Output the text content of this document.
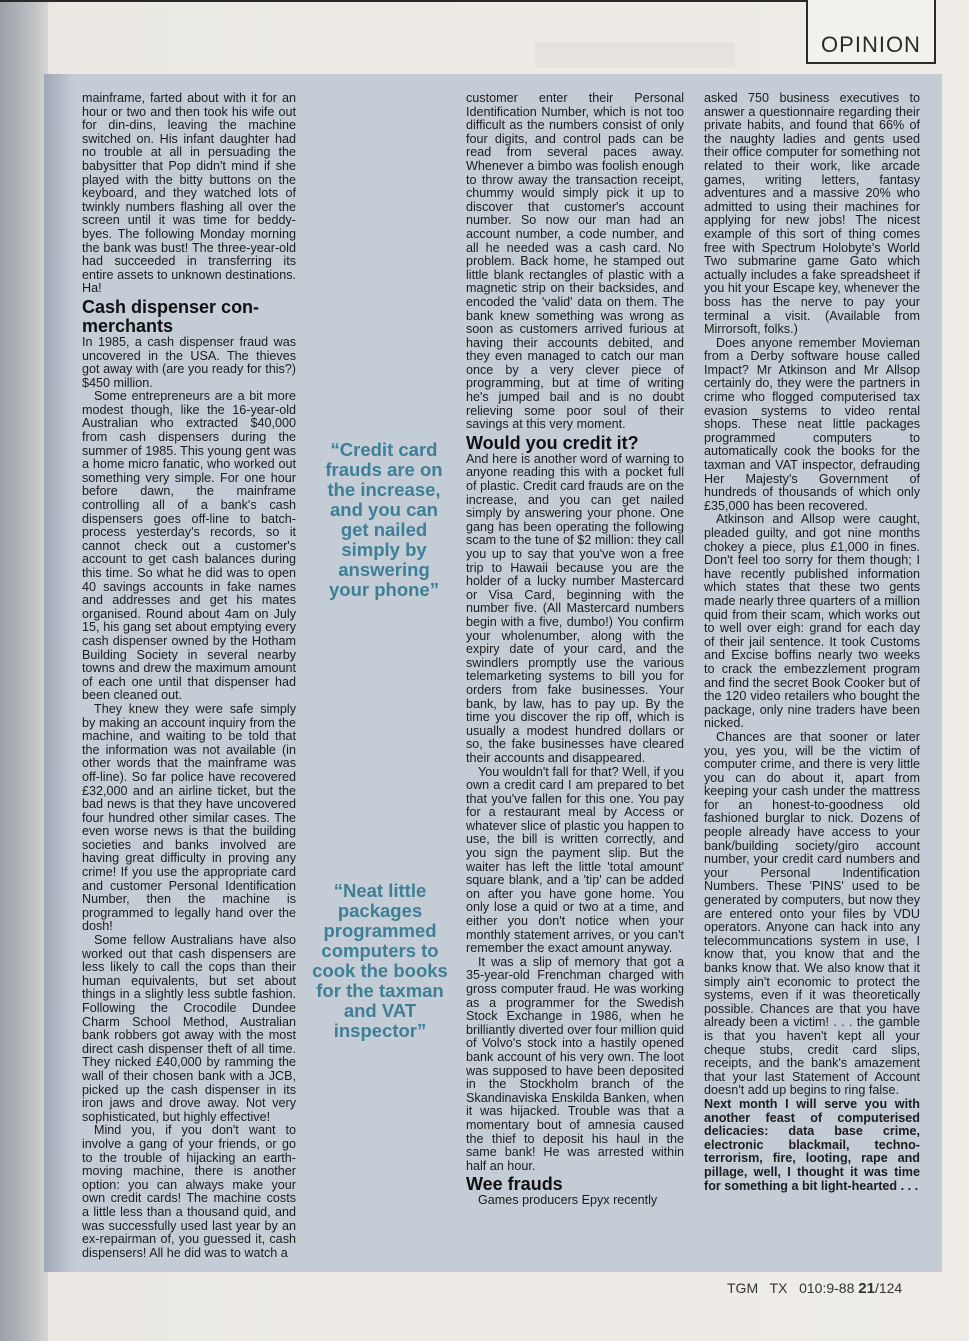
OPINION

mainframe, farted about with it for an hour or two and then took his wife out for din-dins, leaving the machine switched on. His infant daughter had no trouble at all in persuading the babysitter that Pop didn't mind if she played with the bitty buttons on the keyboard, and they watched lots of twinkly numbers flashing all over the screen until it was time for beddy-byes. The following Monday morning the bank was bust! The three-year-old had succeeded in transferring its entire assets to unknown destinations. Ha!

Cash dispenser con-merchants

In 1985, a cash dispenser fraud was uncovered in the USA. The thieves got away with (are you ready for this?) $450 million.

Some entrepreneurs are a bit more modest though, like the 16-year-old Australian who extracted $40,000 from cash dispensers during the summer of 1985. This young gent was a home micro fanatic, who worked out something very simple. For one hour before dawn, the mainframe controlling all of a bank's cash dispensers goes off-line to batch-process yesterday's records, so it cannot check out a customer's account to get cash balances during this time. So what he did was to open 40 savings accounts in fake names and addresses and get his mates organised. Round about 4am on July 15, his gang set about emptying every cash dispenser owned by the Hotham Building Society in several nearby towns and drew the maximum amount of each one until that dispenser had been cleaned out.

They knew they were safe simply by making an account inquiry from the machine, and waiting to be told that the information was not available (in other words that the mainframe was off-line). So far police have recovered £32,000 and an airline ticket, but the bad news is that they have uncovered four hundred other similar cases. The even worse news is that the building societies and banks involved are having great difficulty in proving any crime! If you use the appropriate card and customer Personal Identification Number, then the machine is programmed to legally hand over the dosh!

Some fellow Australians have also worked out that cash dispensers are less likely to call the cops than their human equivalents, but set about things in a slightly less subtle fashion. Following the Crocodile Dundee Charm School Method, Australian bank robbers got away with the most direct cash dispenser theft of all time. They nicked £40,000 by ramming the wall of their chosen bank with a JCB, picked up the cash dispenser in its iron jaws and drove away. Not very sophisticated, but highly effective!

Mind you, if you don't want to involve a gang of your friends, or go to the trouble of hijacking an earth-moving machine, there is another option: you can always make your own credit cards! The machine costs a little less than a thousand quid, and was successfully used last year by an ex-repairman of, you guessed it, cash dispensers! All he did was to watch a

“Credit card frauds are on the increase, and you can get nailed simply by answering your phone”
“Neat little packages programmed computers to cook the books for the taxman and VAT inspector”

customer enter their Personal Identification Number, which is not too difficult as the numbers consist of only four digits, and control pads can be read from several paces away. Whenever a bimbo was foolish enough to throw away the transaction receipt, chummy would simply pick it up to discover that customer's account number. So now our man had an account number, a code number, and all he needed was a cash card. No problem. Back home, he stamped out little blank rectangles of plastic with a magnetic strip on their backsides, and encoded the 'valid' data on them. The bank knew something was wrong as soon as customers arrived furious at having their accounts debited, and they even managed to catch our man once by a very clever piece of programming, but at time of writing he's jumped bail and is no doubt relieving some poor soul of their savings at this very moment.

Would you credit it?

And here is another word of warning to anyone reading this with a pocket full of plastic. Credit card frauds are on the increase, and you can get nailed simply by answering your phone. One gang has been operating the following scam to the tune of $2 million: they call you up to say that you've won a free trip to Hawaii because you are the holder of a lucky number Mastercard or Visa Card, beginning with the number five. (All Mastercard numbers begin with a five, dumbo!) You confirm your wholenumber, along with the expiry date of your card, and the swindlers promptly use the various telemarketing systems to bill you for orders from fake businesses. Your bank, by law, has to pay up. By the time you discover the rip off, which is usually a modest hundred dollars or so, the fake businesses have cleared their accounts and disappeared.

You wouldn't fall for that? Well, if you own a credit card I am prepared to bet that you've fallen for this one. You pay for a restaurant meal by Access or whatever slice of plastic you happen to use, the bill is written correctly, and you sign the payment slip. But the waiter has left the little 'total amount' square blank, and a 'tip' can be added on after you have gone home. You only lose a quid or two at a time, and either you don't notice when your monthly statement arrives, or you can't remember the exact amount anyway.

It was a slip of memory that got a 35-year-old Frenchman charged with gross computer fraud. He was working as a programmer for the Swedish Stock Exchange in 1986, when he brilliantly diverted over four million quid of Volvo's stock into a hastily opened bank account of his very own. The loot was supposed to have been deposited in the Stockholm branch of the Skandinaviska Enskilda Banken, when it was hijacked. Trouble was that a momentary bout of amnesia caused the thief to deposit his haul in the same bank! He was arrested within half an hour.

Wee frauds

Games producers Epyx recently

asked 750 business executives to answer a questionnaire regarding their private habits, and found that 66% of the naughty ladies and gents used their office computer for something not related to their work, like arcade games, writing letters, fantasy adventures and a massive 20% who admitted to using their machines for applying for new jobs! The nicest example of this sort of thing comes free with Spectrum Holobyte's World Two submarine game Gato which actually includes a fake spreadsheet if you hit your Escape key, whenever the boss has the nerve to pay your terminal a visit. (Available from Mirrorsoft, folks.)

Does anyone remember Movieman from a Derby software house called Impact? Mr Atkinson and Mr Allsop certainly do, they were the partners in crime who flogged computerised tax evasion systems to video rental shops. These neat little packages programmed computers to automatically cook the books for the taxman and VAT inspector, defrauding Her Majesty's Government of hundreds of thousands of which only £35,000 has been recovered.

Atkinson and Allsop were caught, pleaded guilty, and got nine months chokey a piece, plus £1,000 in fines. Don't feel too sorry for them though; I have recently published information which states that these two gents made nearly three quarters of a million quid from their scam, which works out to well over eigh: grand for each day of their jail sentence. It took Customs and Excise boffins nearly two weeks to crack the embezzlement program and find the secret Book Cooker but of the 120 video retailers who bought the package, only nine traders have been nicked.

Chances are that sooner or later you, yes you, will be the victim of computer crime, and there is very little you can do about it, apart from keeping your cash under the mattress for an honest-to-goodness old fashioned burglar to nick. Dozens of people already have access to your bank/building society/giro account number, your credit card numbers and your Personal Indentification Numbers. These 'PINS' used to be generated by computers, but now they are entered onto your files by VDU operators. Anyone can hack into any telecommuncations system in use, I know that, you know that and the banks know that. We also know that it simply ain't economic to protect the systems, even if it was theoretically possible. Chances are that you have already been a victim! . . . the gamble is that you haven't kept all your cheque stubs, credit card slips, receipts, and the bank's amazement that your last Statement of Account doesn't add up begins to ring false.

Next month I will serve you with another feast of computerised delicacies: data base crime, electronic blackmail, techno-terrorism, fire, looting, rape and pillage, well, I thought it was time for something a bit light-hearted . . .

TGM TX 010:9-88 21/124
